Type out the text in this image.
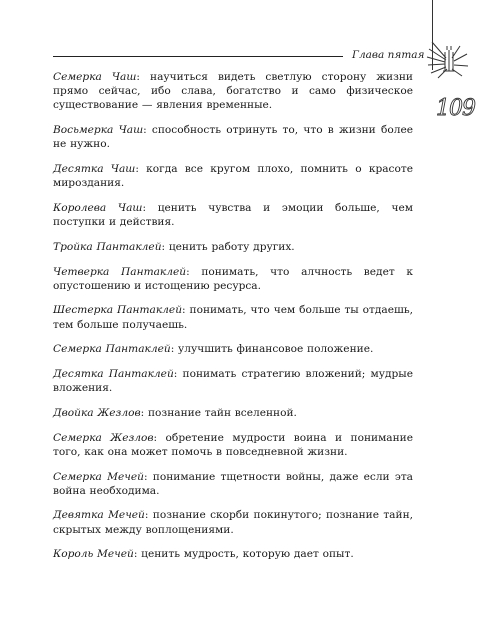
Глава пятая
109

Семерка Чаш: научиться видеть светлую сторону жизни прямо сейчас, ибо слава, богатство и само физическое существование — явления временные.

Восьмерка Чаш: способность отринуть то, что в жизни более не нужно.

Десятка Чаш: когда все кругом плохо, помнить о красоте мироздания.

Королева Чаш: ценить чувства и эмоции больше, чем поступки и действия.

Тройка Пантаклей: ценить работу других.

Четверка Пантаклей: понимать, что алчность ведет к опустошению и истощению ресурса.

Шестерка Пантаклей: понимать, что чем больше ты отдаешь, тем больше получаешь.

Семерка Пантаклей: улучшить финансовое положение.

Десятка Пантаклей: понимать стратегию вложений; мудрые вложения.

Двойка Жезлов: познание тайн вселенной.

Семерка Жезлов: обретение мудрости воина и понимание того, как она может помочь в повседневной жизни.

Семерка Мечей: понимание тщетности войны, даже если эта война необходима.

Девятка Мечей: познание скорби покинутого; познание тайн, скрытых между воплощениями.

Король Мечей: ценить мудрость, которую дает опыт.
